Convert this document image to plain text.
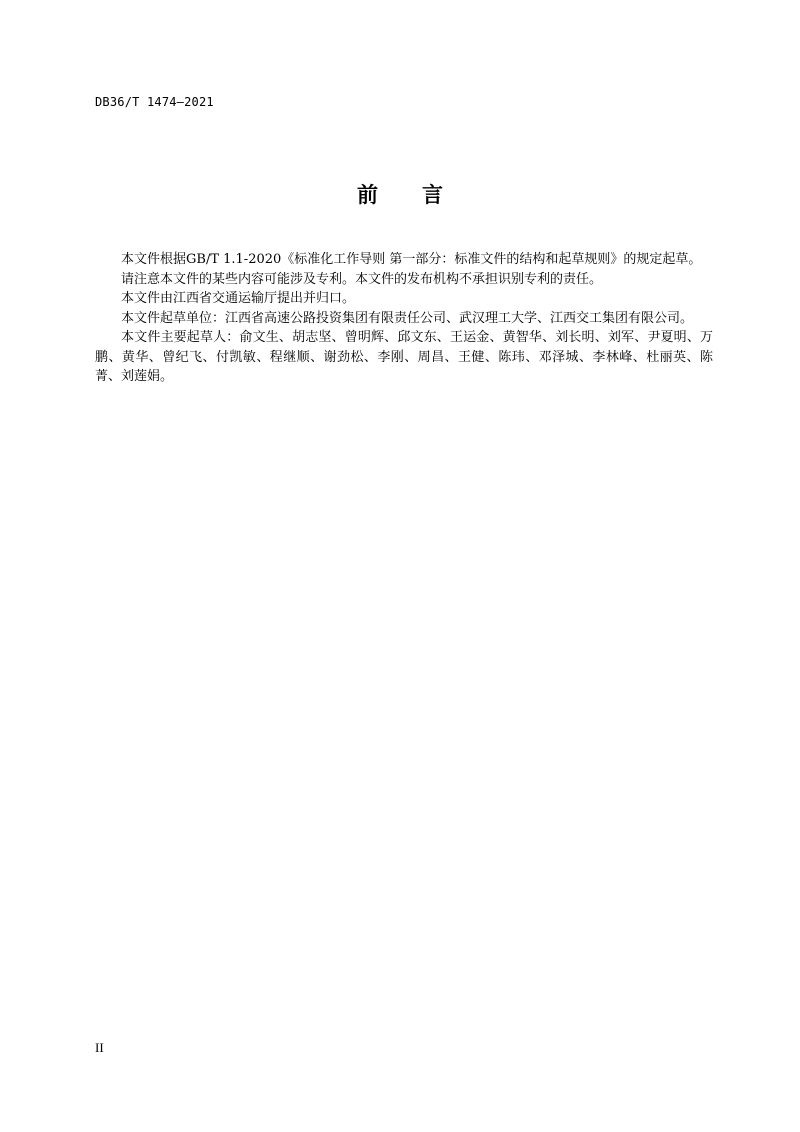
DB36/T 1474—2021
前 言

本文件根据GB/T 1.1-2020《标准化工作导则 第一部分：标准文件的结构和起草规则》的规定起草。

请注意本文件的某些内容可能涉及专利。本文件的发布机构不承担识别专利的责任。

本文件由江西省交通运输厅提出并归口。

本文件起草单位：江西省高速公路投资集团有限责任公司、武汉理工大学、江西交工集团有限公司。

本文件主要起草人：俞文生、胡志坚、曾明辉、邱文东、王运金、黄智华、刘长明、刘军、尹夏明、万鹏、黄华、曾纪飞、付凯敏、程继顺、谢劲松、李刚、周昌、王健、陈玮、邓泽城、李林峰、杜丽英、陈菁、刘莲娟。

II
